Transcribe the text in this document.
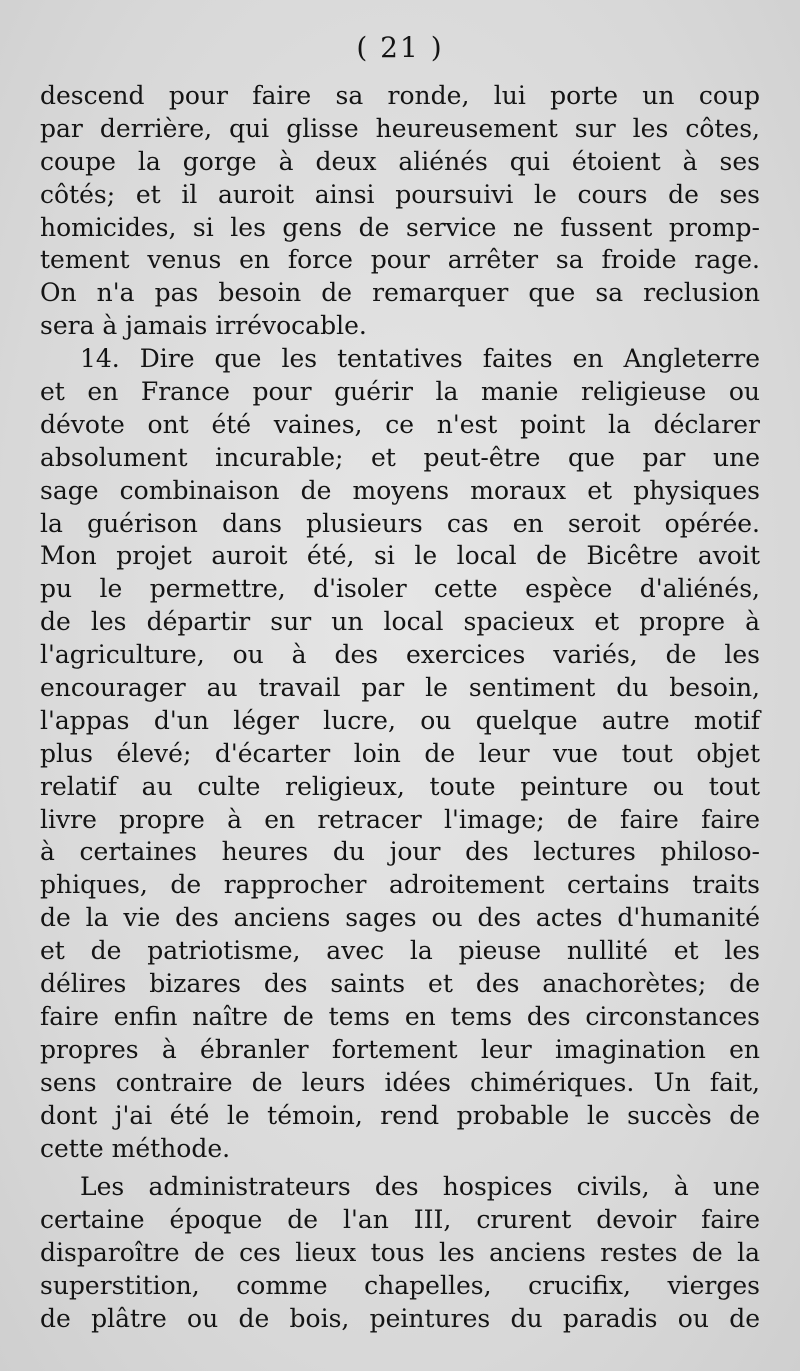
( 21 )
descend pour faire sa ronde, lui porte un coup
par derrière, qui glisse heureusement sur les côtes,
coupe la gorge à deux aliénés qui étoient à ses
côtés; et il auroit ainsi poursuivi le cours de ses
homicides, si les gens de service ne fussent promp-
tement venus en force pour arrêter sa froide rage.
On n'a pas besoin de remarquer que sa reclusion
sera à jamais irrévocable.
14. Dire que les tentatives faites en Angleterre
et en France pour guérir la manie religieuse ou
dévote ont été vaines, ce n'est point la déclarer
absolument incurable; et peut-être que par une
sage combinaison de moyens moraux et physiques
la guérison dans plusieurs cas en seroit opérée.
Mon projet auroit été, si le local de Bicêtre avoit
pu le permettre, d'isoler cette espèce d'aliénés,
de les départir sur un local spacieux et propre à
l'agriculture, ou à des exercices variés, de les
encourager au travail par le sentiment du besoin,
l'appas d'un léger lucre, ou quelque autre motif
plus élevé; d'écarter loin de leur vue tout objet
relatif au culte religieux, toute peinture ou tout
livre propre à en retracer l'image; de faire faire
à certaines heures du jour des lectures philoso-
phiques, de rapprocher adroitement certains traits
de la vie des anciens sages ou des actes d'humanité
et de patriotisme, avec la pieuse nullité et les
délires bizares des saints et des anachorètes; de
faire enfin naître de tems en tems des circonstances
propres à ébranler fortement leur imagination en
sens contraire de leurs idées chimériques. Un fait,
dont j'ai été le témoin, rend probable le succès de
cette méthode.
Les administrateurs des hospices civils, à une
certaine époque de l'an III, crurent devoir faire
disparoître de ces lieux tous les anciens restes de la
superstition, comme chapelles, crucifix, vierges
de plâtre ou de bois, peintures du paradis ou de
